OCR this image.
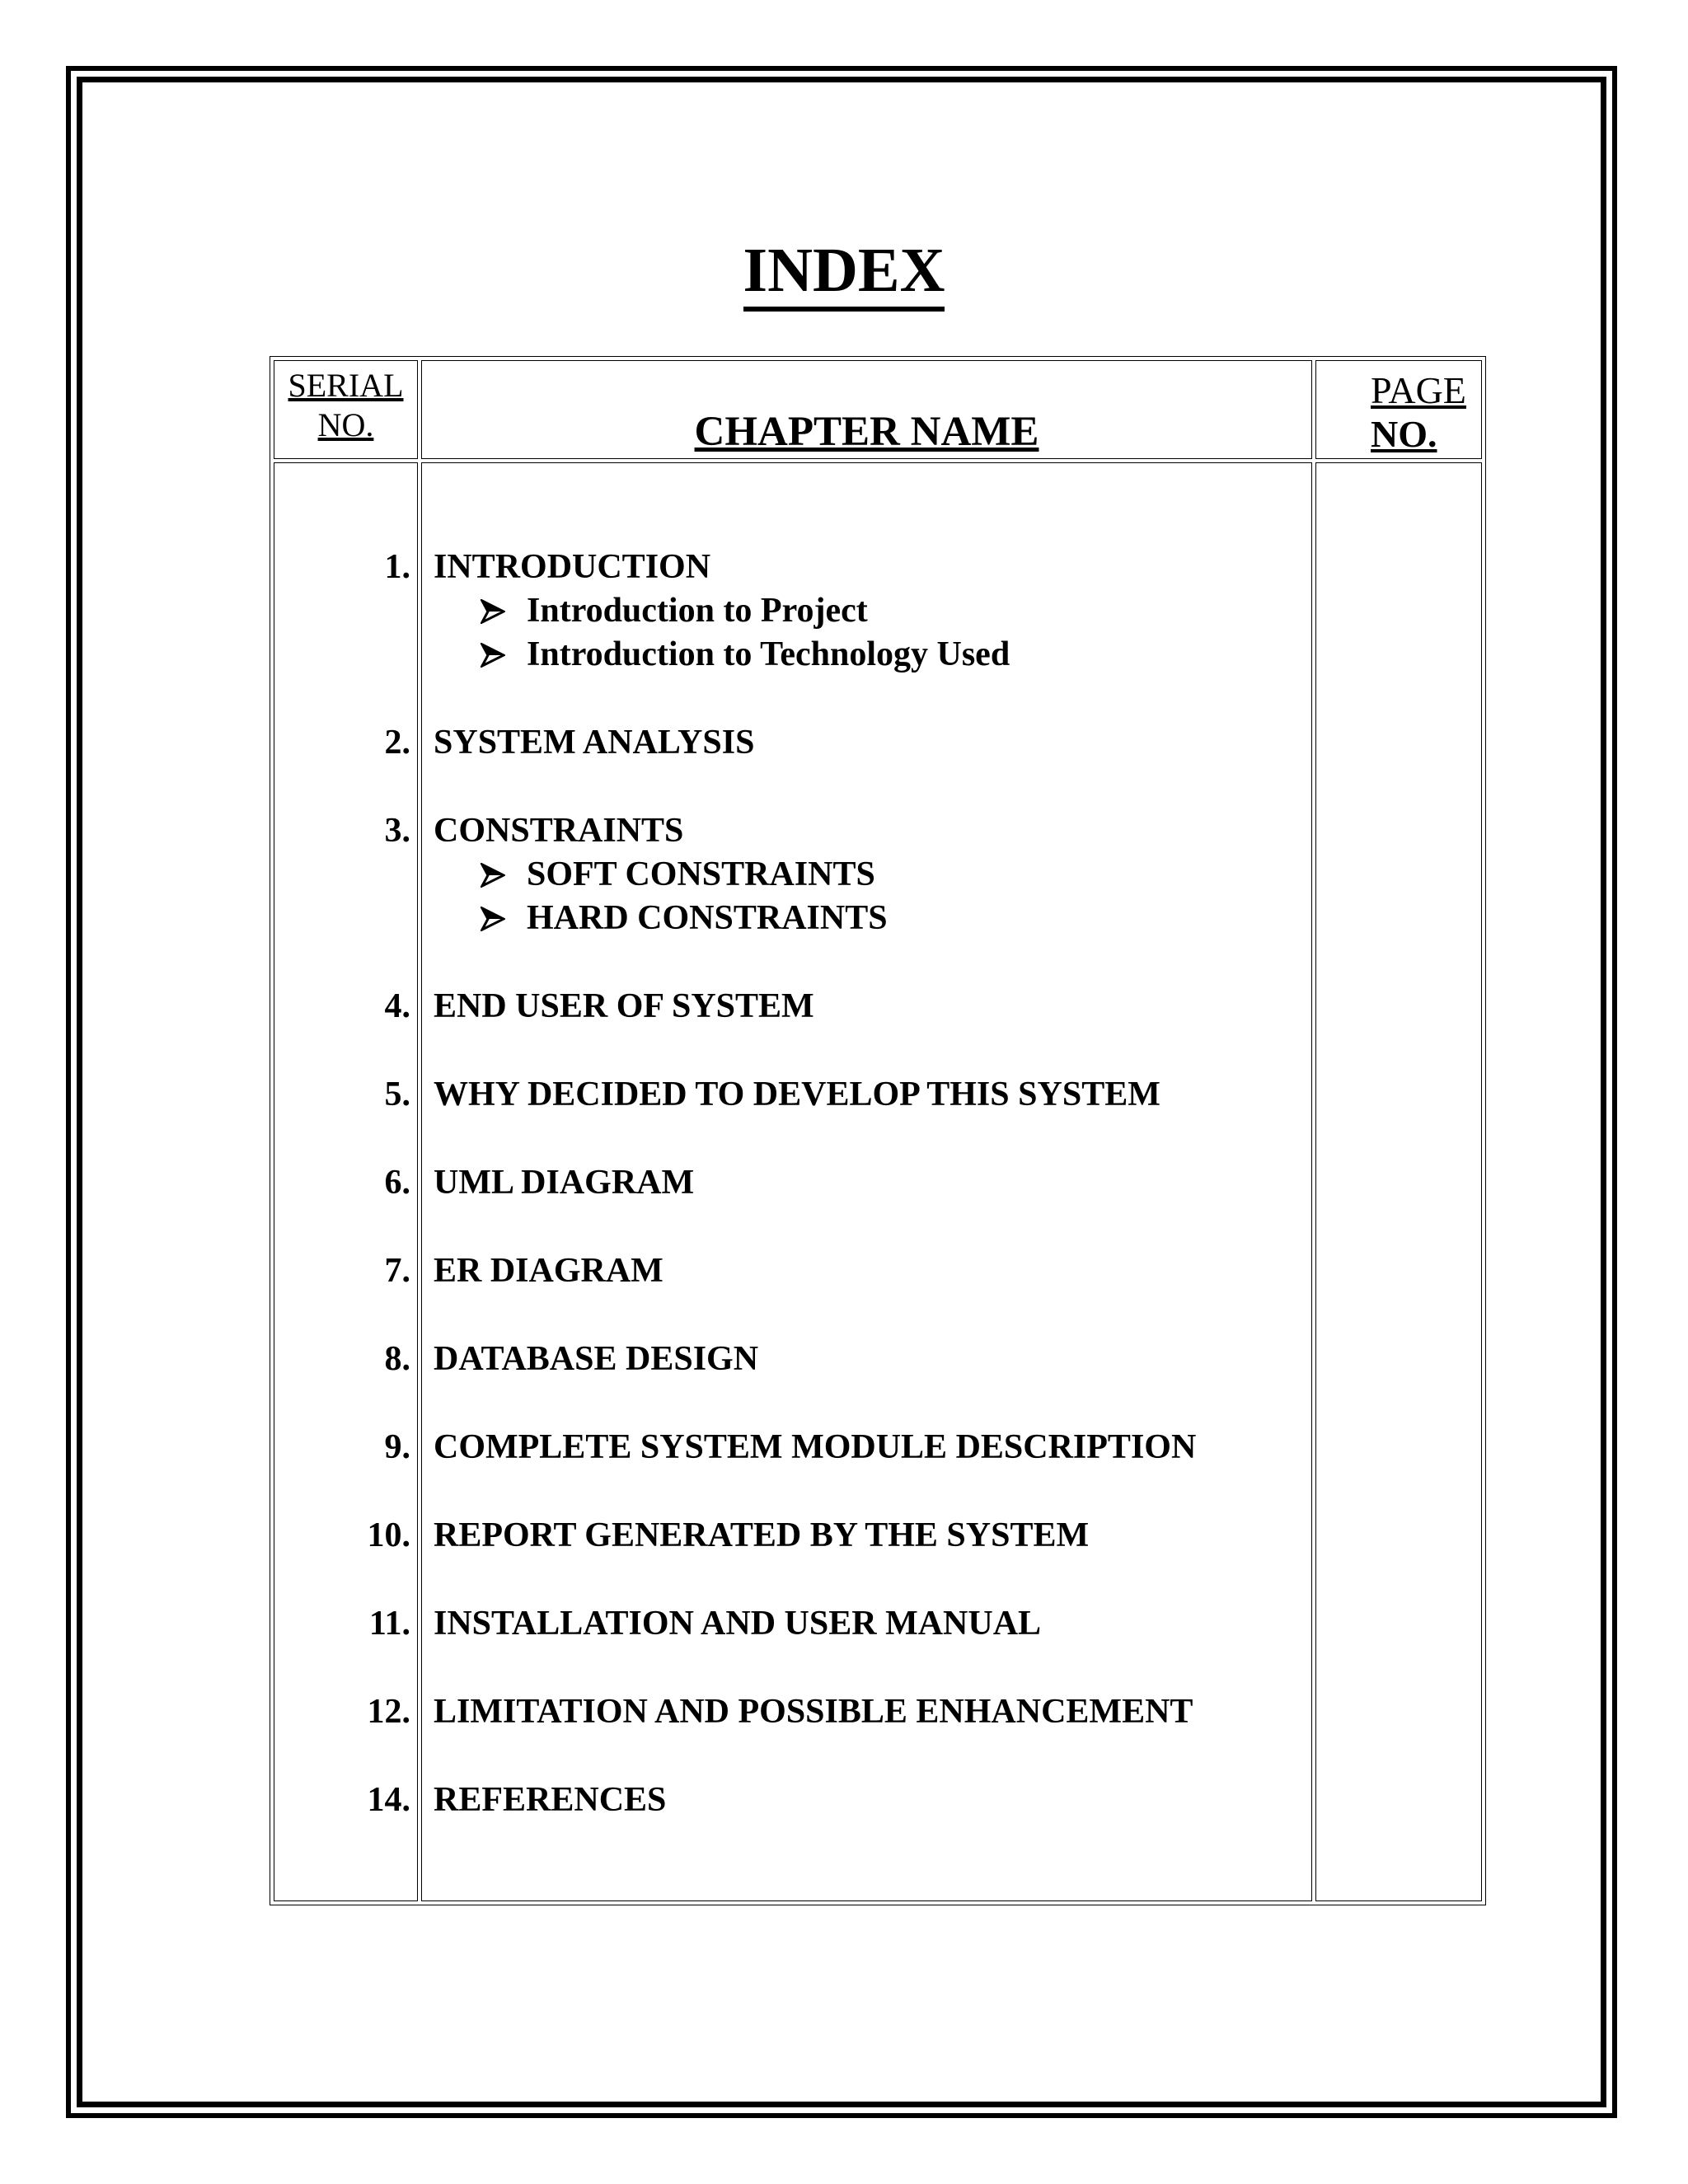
INDEX
SERIAL
NO.	CHAPTER NAME
PAGE
NO.
1. INTRODUCTION
Introduction to Project
Introduction to Technology Used
2. SYSTEM ANALYSIS
3. CONSTRAINTS
SOFT CONSTRAINTS
HARD CONSTRAINTS
4. END USER OF SYSTEM
5. WHY DECIDED TO DEVELOP THIS SYSTEM
6. UML DIAGRAM
7. ER DIAGRAM
8. DATABASE DESIGN
9. COMPLETE SYSTEM MODULE DESCRIPTION
10. REPORT GENERATED BY THE SYSTEM
11. INSTALLATION AND USER MANUAL
12. LIMITATION AND POSSIBLE ENHANCEMENT
14. REFERENCES
